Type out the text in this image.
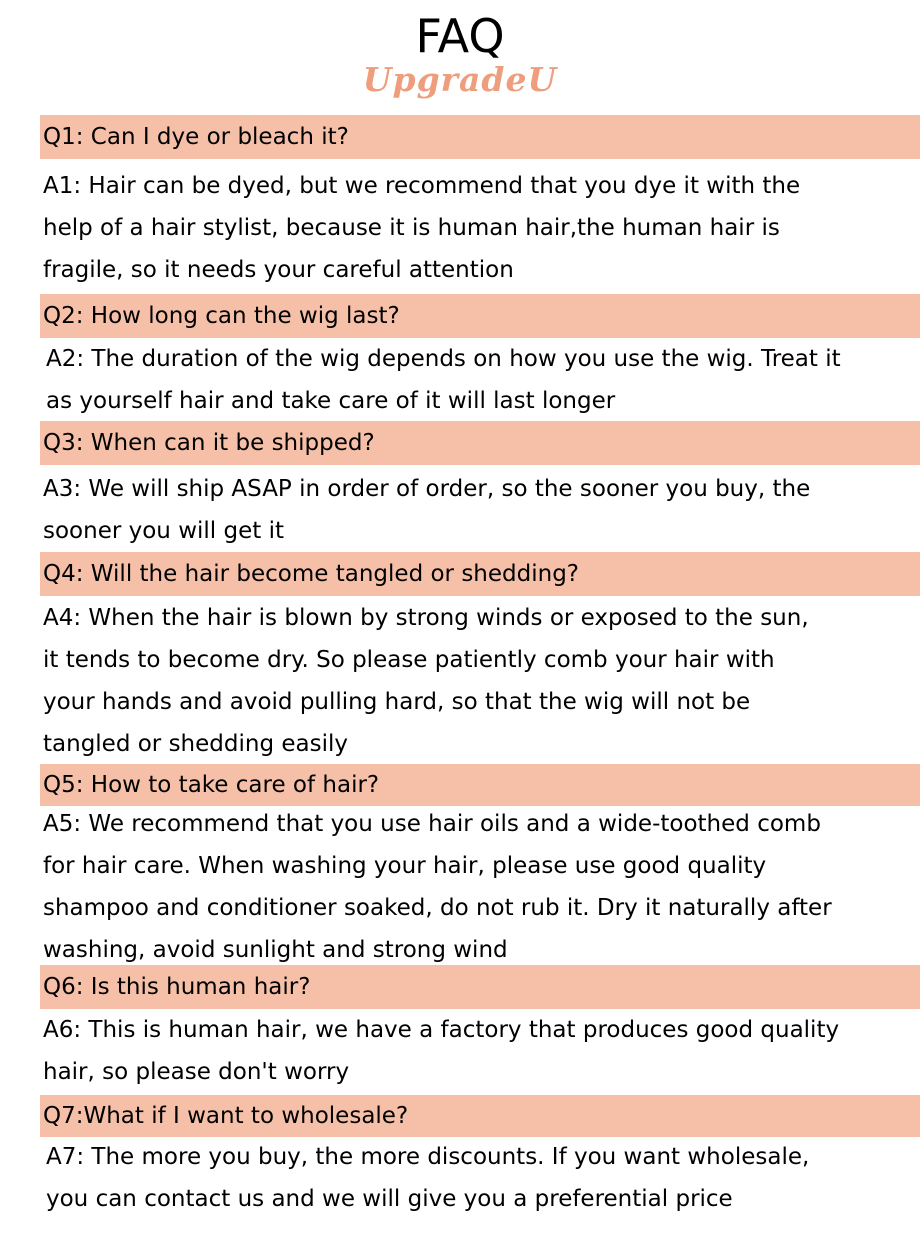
FAQ
UpgradeU
Q1: Can I dye or bleach it?
A1: Hair can be dyed, but we recommend that you dye it with the
help of a hair stylist, because it is human hair,the human hair is
fragile, so it needs your careful attention
Q2: How long can the wig last?
A2: The duration of the wig depends on how you use the wig. Treat it
as yourself hair and take care of it will last longer
Q3: When can it be shipped?
A3: We will ship ASAP in order of order, so the sooner you buy, the
sooner you will get it
Q4: Will the hair become tangled or shedding?
A4: When the hair is blown by strong winds or exposed to the sun,
it tends to become dry. So please patiently comb your hair with
your hands and avoid pulling hard, so that the wig will not be
tangled or shedding easily
Q5: How to take care of hair?
A5: We recommend that you use hair oils and a wide-toothed comb
for hair care. When washing your hair, please use good quality
shampoo and conditioner soaked, do not rub it. Dry it naturally after
washing, avoid sunlight and strong wind
Q6: Is this human hair?
A6: This is human hair, we have a factory that produces good quality
hair, so please don't worry
Q7:What if I want to wholesale?
A7: The more you buy, the more discounts. If you want wholesale,
you can contact us and we will give you a preferential price
